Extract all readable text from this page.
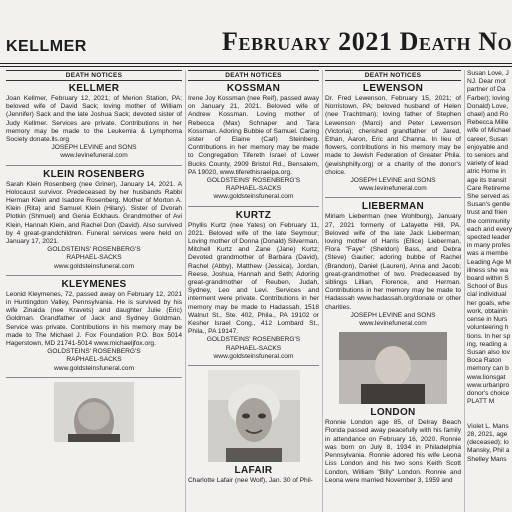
KELLMER	February 2021 Death No
DEATH NOTICES
KELLMER

Joan Kellmer, February 12, 2021; of Merion Station, PA; beloved wife of David Sack; loving mother of William (Jennifer) Sack and the late Joshua Sack; devoted sister of Judy Kellmer. Services are private. Contributions in her memory may be made to the Leukemia & Lymphoma Society donate.lls.org

JOSEPH LEVINE and SONS

www.levinefuneral.com

KLEIN ROSENBERG

Sarah Klein Rosenberg (nee Griner), January 14, 2021. A Holocaust survivor. Predeceased by her husbands Rabbi Herman Klein and Isadore Rosenberg. Mother of Morton A. Klein (Rita) and Samuel Klein (Hilary). Sister of Dvorah Plotkin (Shmuel) and Genia Eckhaus. Grandmother of Avi Klein, Hannah Klein, and Rachel Don (David). Also survived by 4 great-grandchildren. Funeral services were held on January 17, 2021.

GOLDSTEINS' ROSENBERG'S

RAPHAEL-SACKS

www.goldsteinsfuneral.com

KLEYMENES

Leonid Kleymenes, 72, passed away on February 12, 2021 in Huntingdon Valley, Pennsylvania. He is survived by his wife Zinaida (nee Kravets) and daughter Julie (Eric) Goldman. Grandfather of Jack and Sydney Goldman. Service was private. Contributions in his memory may be made to The Michael J. Fox Foundation P.O. Box 5014 Hagerstown, MD 21741-5014 www.michaeljfox.org.

GOLDSTEINS' ROSENBERG'S

RAPHAEL-SACKS

www.goldsteinsfuneral.com

DEATH NOTICES
KOSSMAN

Irene Joy Kossman (nee Reif), passed away on January 21, 2021. Beloved wife of Andrew Kossman. Loving mother of Rebecca (Max) Schnaper and Tara Kossman. Adoring Bubbie of Samuel. Caring sister of Elaine (Carl) Steinberg. Contributions in her memory may be made to Congregation Tifereth Israel of Lower Bucks County, 2909 Bristol Rd., Bensalem, PA 19020, www.tiferethisraelpa.org.

GOLDSTEINS' ROSENBERG'S

RAPHAEL-SACKS

www.goldsteinsfuneral.com

KURTZ

Phyllis Kurtz (nee Yates) on February 11, 2021. Beloved wife of the late Seymour; Loving mother of Donna (Donald) Silverman, Mitchell Kurtz and Zane (Jane) Kurtz; Devoted grandmother of Barbara (David), Rachel (Abby), Matthew (Jessica), Jordan, Reese, Joshua, Hannah and Seth; Adoring great-grandmother of Reuben, Judah, Sydney, Leo and Levi. Services and interment were private. Contributions in her memory may be made to Hadassah, 1518 Walnut St., Ste. 402, Phila., PA 19102 or Kesher Israel Cong., 412 Lombard St., Phila., PA 19147.

GOLDSTEINS' ROSENBERG'S

RAPHAEL-SACKS

www.goldsteinsfuneral.com

LAFAIR

Charlotte Lafair (nee Wolf), Jan. 30 of Phil-

DEATH NOTICES
LEWENSON

Dr. Fred Lewenson, February 15, 2021; of Norristown, PA; beloved husband of Helen (nee Trachtman); loving father of Stephen Lewenson (Marci) and Peter Lewenson (Victoria); cherished grandfather of Jared, Ethan, Aaron, Eric and Channa. In lieu of flowers, contributions in his memory may be made to Jewish Federation of Greater Phila. (jewishphilly.org) or a charity of the donor's choice.

JOSEPH LEVINE and SONS

www.levinefuneral.com

LIEBERMAN

Miriam Lieberman (nee Wohlburg), January 27, 2021 formerly of Lafayette Hill, PA. Beloved wife of the late Jack Lieberman; loving mother of Harris (Ellice) Lieberman, Flora "Faye" (Sheldon) Bass, and Debra (Steve) Gautier; adoring bubbe of Rachel (Brandon), Daniel (Lauren), Anna and Jacob; great-grandmother of two. Predeceased by siblings Lillian, Florence, and Herman. Contributions in her memory may be made to Hadassah www.hadassah.org/donate or other charities.

JOSEPH LEVINE and SONS

www.levinefuneral.com

LONDON

Ronnie London age 85, of Delray Beach Florida passed away peacefully with his family in attendance on February 16, 2020. Ronnie was born on July 8, 1934 in Philadelphia Pennsylvania. Ronnie adored his wife Leona Liss London and his two sons Keith Scott London, William "Billy" London. Ronnie and Leona were married November 3, 1959 and

Susan Love, J
NJ. Dear mot
partner of Da
Farber); loving
Donald) Love,
chael) and Ro
Rebecca Mille
wife of Michael
career, Susan
enjoyable and
to seniors and
variety of lead
atric Home in
age its transit
Care Retireme
She served as
Susan's gentle
trust and frien
the community
each and every
spected leader
in many profes
was a membe
Leading Age M
illness she wa
board within S
School of Bus
cial individual
her goals, whe
work, obtainin
cense in Nurs
volunteering h
tions. In her sp
ing, reading a
Susan also lov
Boca Raton
memory can b
www.lionsgat
www.urbanpro
donor's choice
PLATT M
Violet L. Mans
28, 2021, age
(deceased); lo
Mansky, Phil a
Shelley Mans
